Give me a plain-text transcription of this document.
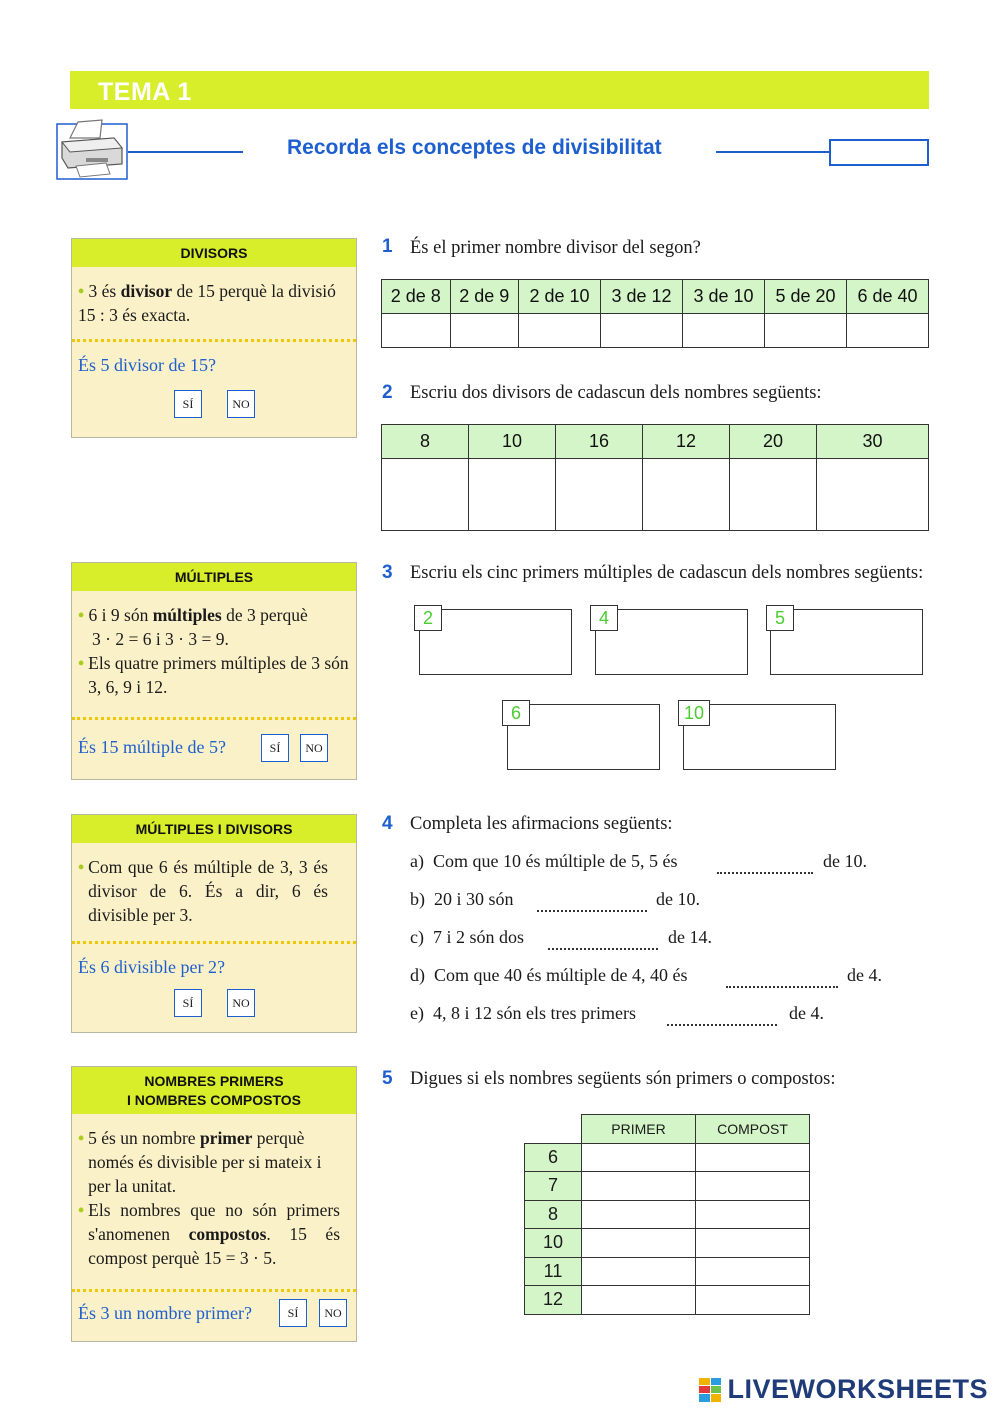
TEMA 1
Recorda els conceptes de divisibilitat
DIVISORS
• 3 és divisor de 15 perquè la divisió 15 : 3 és exacta.
És 5 divisor de 15?
SÍ	NO
MÚLTIPLES
• 6 i 9 són múltiples de 3 perquè
3 · 2 = 6 i 3 · 3 = 9.
• Els quatre primers múltiples de 3 són 3, 6, 9 i 12.
És 15 múltiple de 5?	SÍ	NO
MÚLTIPLES I DIVISORS
• Com que 6 és múltiple de 3, 3 és divisor de 6. És a dir, 6 és divisible per 3.
És 6 divisible per 2?
SÍ	NO
NOMBRES PRIMERS
I NOMBRES COMPOSTOS
• 5 és un nombre primer perquè només és divisible per si mateix i per la unitat.
• Els nombres que no són primers s'anomenen compostos. 15 és compost perquè 15 = 3 · 5.
És 3 un nombre primer?	SÍ	NO
1 És el primer nombre divisor del segon?
2 de 8	2 de 9	2 de 10	3 de 12	3 de 10	5 de 20	6 de 40

2 Escriu dos divisors de cadascun dels nombres següents:
8	10	16	12	20	30

3 Escriu els cinc primers múltiples de cadascun dels nombres següents:
2	4	5
6	10
4 Completa les afirmacions següents:
a) Com que 10 és múltiple de 5, 5 és	de 10.
b) 20 i 30 són	de 10.
c) 7 i 2 són dos	de 14.
d) Com que 40 és múltiple de 4, 40 és	de 4.
e) 4, 8 i 12 són els tres primers	de 4.
5 Digues si els nombres següents són primers o compostos:
	PRIMER	COMPOST
6		
7		
8		
10		
11		
12		
LIVEWORKSHEETS
